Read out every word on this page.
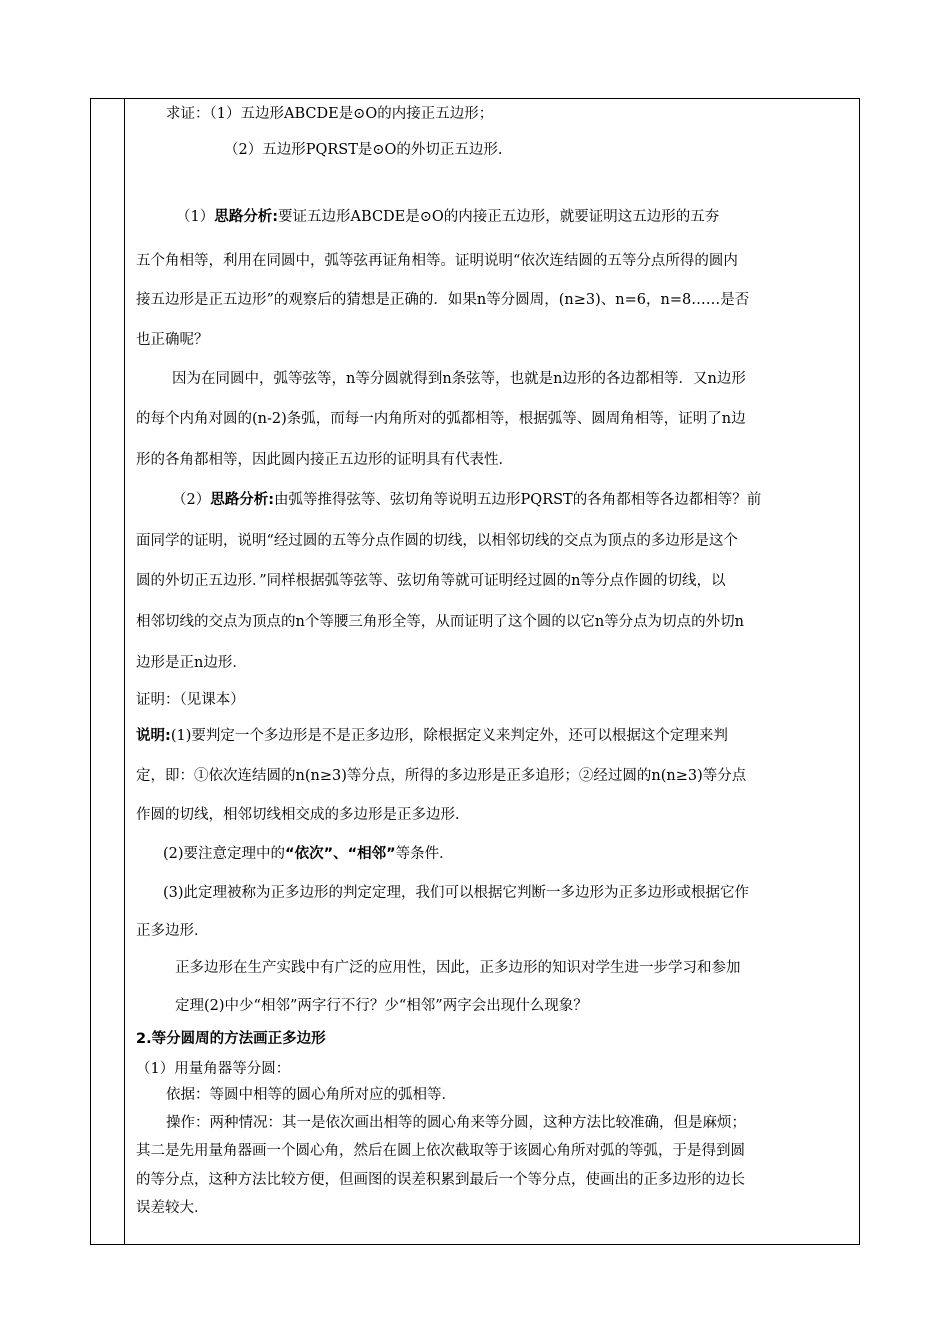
求证：（1）五边形ABCDE是⊙O的内接正五边形；
（2）五边形PQRST是⊙O的外切正五边形.
（1）思路分析:要证五边形ABCDE是⊙O的内接正五边形，就要证明这五边形的五夯
五个角相等，利用在同圆中，弧等弦再证角相等。证明说明“依次连结圆的五等分点所得的圆内
接五边形是正五边形”的观察后的猜想是正确的．如果n等分圆周，(n≥3)、n=6，n=8……是否
也正确呢？
因为在同圆中，弧等弦等，n等分圆就得到n条弦等，也就是n边形的各边都相等．又n边形
的每个内角对圆的(n-2)条弧，而每一内角所对的弧都相等，根据弧等、圆周角相等，证明了n边
形的各角都相等，因此圆内接正五边形的证明具有代表性．
（2）思路分析:由弧等推得弦等、弦切角等说明五边形PQRST的各角都相等各边都相等？前
面同学的证明，说明“经过圆的五等分点作圆的切线，以相邻切线的交点为顶点的多边形是这个
圆的外切正五边形．”同样根据弧等弦等、弦切角等就可证明经过圆的n等分点作圆的切线，以
相邻切线的交点为顶点的n个等腰三角形全等，从而证明了这个圆的以它n等分点为切点的外切n
边形是正n边形．
证明：（见课本）
说明:(1)要判定一个多边形是不是正多边形，除根据定义来判定外，还可以根据这个定理来判
定，即：①依次连结圆的n(n≥3)等分点，所得的多边形是正多追形；②经过圆的n(n≥3)等分点
作圆的切线，相邻切线相交成的多边形是正多边形．
(2)要注意定理中的“依次”、“相邻”等条件．
(3)此定理被称为正多边形的判定定理，我们可以根据它判断一多边形为正多边形或根据它作
正多边形．
正多边形在生产实践中有广泛的应用性，因此，正多边形的知识对学生进一步学习和参加
定理(2)中少“相邻”两字行不行？少“相邻”两字会出现什么现象？
2.等分圆周的方法画正多边形
（1）用量角器等分圆：
依据：等圆中相等的圆心角所对应的弧相等．
操作：两种情况：其一是依次画出相等的圆心角来等分圆，这种方法比较准确，但是麻烦；
其二是先用量角器画一个圆心角，然后在圆上依次截取等于该圆心角所对弧的等弧，于是得到圆
的等分点，这种方法比较方便，但画图的误差积累到最后一个等分点，使画出的正多边形的边长
误差较大．
